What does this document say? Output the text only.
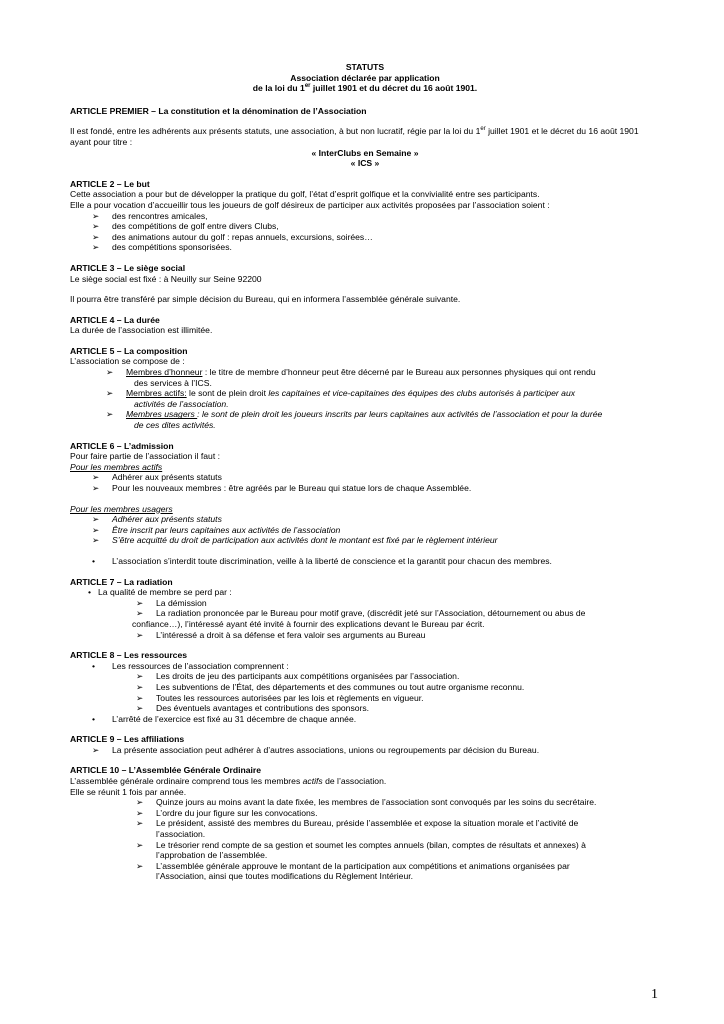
STATUTS
Association déclarée par application
de la loi du 1er juillet 1901 et du décret du 16 août 1901.
ARTICLE PREMIER – La constitution et la dénomination de l’Association
Il est fondé, entre les adhérents aux présents statuts, une association, à but non lucratif, régie par la loi du 1er juillet 1901 et le décret du 16 août 1901 ayant pour titre :
« InterClubs en Semaine »
« ICS »
ARTICLE 2 – Le but
Cette association a pour but de développer la pratique du golf, l’état d’esprit golfique et la convivialité entre ses participants.
Elle a pour vocation d’accueillir tous les joueurs de golf désireux de participer aux activités proposées par l’association soient :
➢	des rencontres amicales,
➢	des compétitions de golf entre divers Clubs,
➢	des animations autour du golf : repas annuels, excursions, soirées…
➢	des compétitions sponsorisées.
ARTICLE 3 – Le siège social
Le siège social est fixé : à Neuilly sur Seine 92200
Il pourra être transféré par simple décision du Bureau, qui en informera l’assemblée générale suivante.
ARTICLE 4 – La durée
La durée de l’association est illimitée.
ARTICLE 5 – La composition
L’association se compose de :
➢	Membres d’honneur : le titre de membre d’honneur peut être décerné par le Bureau aux personnes physiques qui ont rendu
des services à l’ICS.
➢	Membres actifs: le sont de plein droit les capitaines et vice-capitaines des équipes des clubs autorisés à participer aux
activités de l’association.
➢	Membres usagers : le sont de plein droit les joueurs inscrits par leurs capitaines aux activités de l’association et pour la durée
de ces dites activités.
ARTICLE 6 – L’admission
Pour faire partie de l’association il faut :
Pour les membres actifs
➢	Adhérer aux présents statuts
➢	Pour les nouveaux membres : être agréés par le Bureau qui statue lors de chaque Assemblée.
Pour les membres usagers
➢	Adhérer aux présents statuts
➢	Être inscrit par leurs capitaines aux activités de l’association
➢	S’être acquitté du droit de participation aux activités dont le montant est fixé par le règlement intérieur
•	L’association s’interdit toute discrimination, veille à la liberté de conscience et la garantit pour chacun des membres.
ARTICLE 7 – La radiation
• La qualité de membre se perd par :
➢	La démission
➢	La radiation prononcée par le Bureau pour motif grave, (discrédit jeté sur l’Association, détournement ou abus de
confiance…), l’intéressé ayant été invité à fournir des explications devant le Bureau par écrit.
➢	L’intéressé a droit à sa défense et fera valoir ses arguments au Bureau
ARTICLE 8 – Les ressources
•	Les ressources de l’association comprennent :
➢	Les droits de jeu des participants aux compétitions organisées par l’association.
➢	Les subventions de l’État, des départements et des communes ou tout autre organisme reconnu.
➢	Toutes les ressources autorisées par les lois et règlements en vigueur.
➢	Des éventuels avantages et contributions des sponsors.
•	L’arrêté de l’exercice est fixé au 31 décembre de chaque année.
ARTICLE 9 – Les affiliations
➢	La présente association peut adhérer à d’autres associations, unions ou regroupements par décision du Bureau.
ARTICLE 10 – L’Assemblée Générale Ordinaire
L’assemblée générale ordinaire comprend tous les membres actifs de l’association.
Elle se réunit 1 fois par année.
➢	Quinze jours au moins avant la date fixée, les membres de l’association sont convoqués par les soins du secrétaire.
➢	L’ordre du jour figure sur les convocations.
➢	Le président, assisté des membres du Bureau, préside l’assemblée et expose la situation morale et l’activité de
l’association.
➢	Le trésorier rend compte de sa gestion et soumet les comptes annuels (bilan, comptes de résultats et annexes) à
l’approbation de l’assemblée.
➢	L’assemblée générale approuve le montant de la participation aux compétitions et animations organisées par
l’Association, ainsi que toutes modifications du Règlement Intérieur.
1
